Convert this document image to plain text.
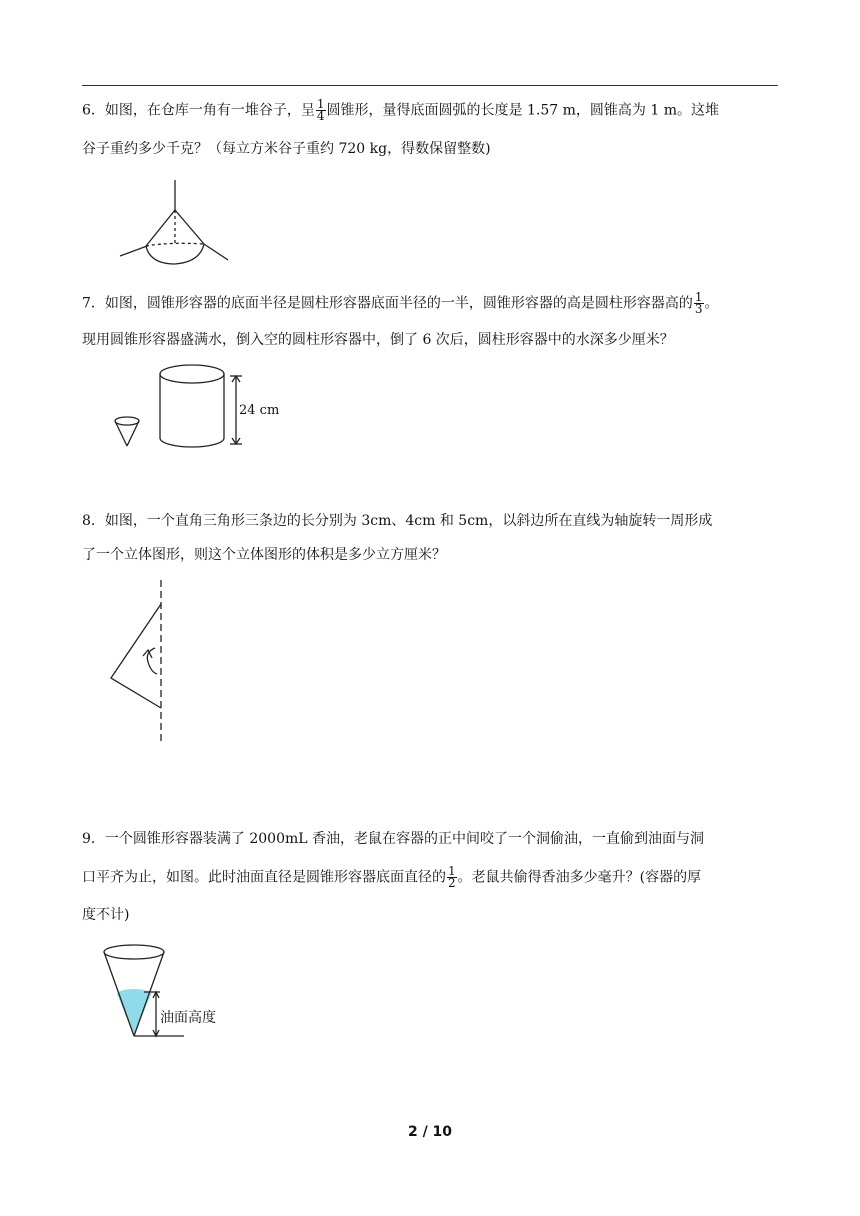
6．如图，在仓库一角有一堆谷子，呈 $\frac{1}{4}$ 圆锥形，量得底面圆弧的长度是 1.57 m，圆锥高为 1 m。这堆
谷子重约多少千克？（每立方米谷子重约 720 kg，得数保留整数)
7．如图，圆锥形容器的底面半径是圆柱形容器底面半径的一半，圆锥形容器的高是圆柱形容器高的 $\frac{1}{3}$ 。
现用圆锥形容器盛满水，倒入空的圆柱形容器中，倒了 6 次后，圆柱形容器中的水深多少厘米？
24 cm
8．如图，一个直角三角形三条边的长分别为 3cm、4cm 和 5cm，以斜边所在直线为轴旋转一周形成
了一个立体图形，则这个立体图形的体积是多少立方厘米？
9．一个圆锥形容器装满了 2000mL 香油，老鼠在容器的正中间咬了一个洞偷油，一直偷到油面与洞
口平齐为止，如图。此时油面直径是圆锥形容器底面直径的 $\frac{1}{2}$ 。老鼠共偷得香油多少毫升？(容器的厚
度不计)
油面高度
2 / 10
